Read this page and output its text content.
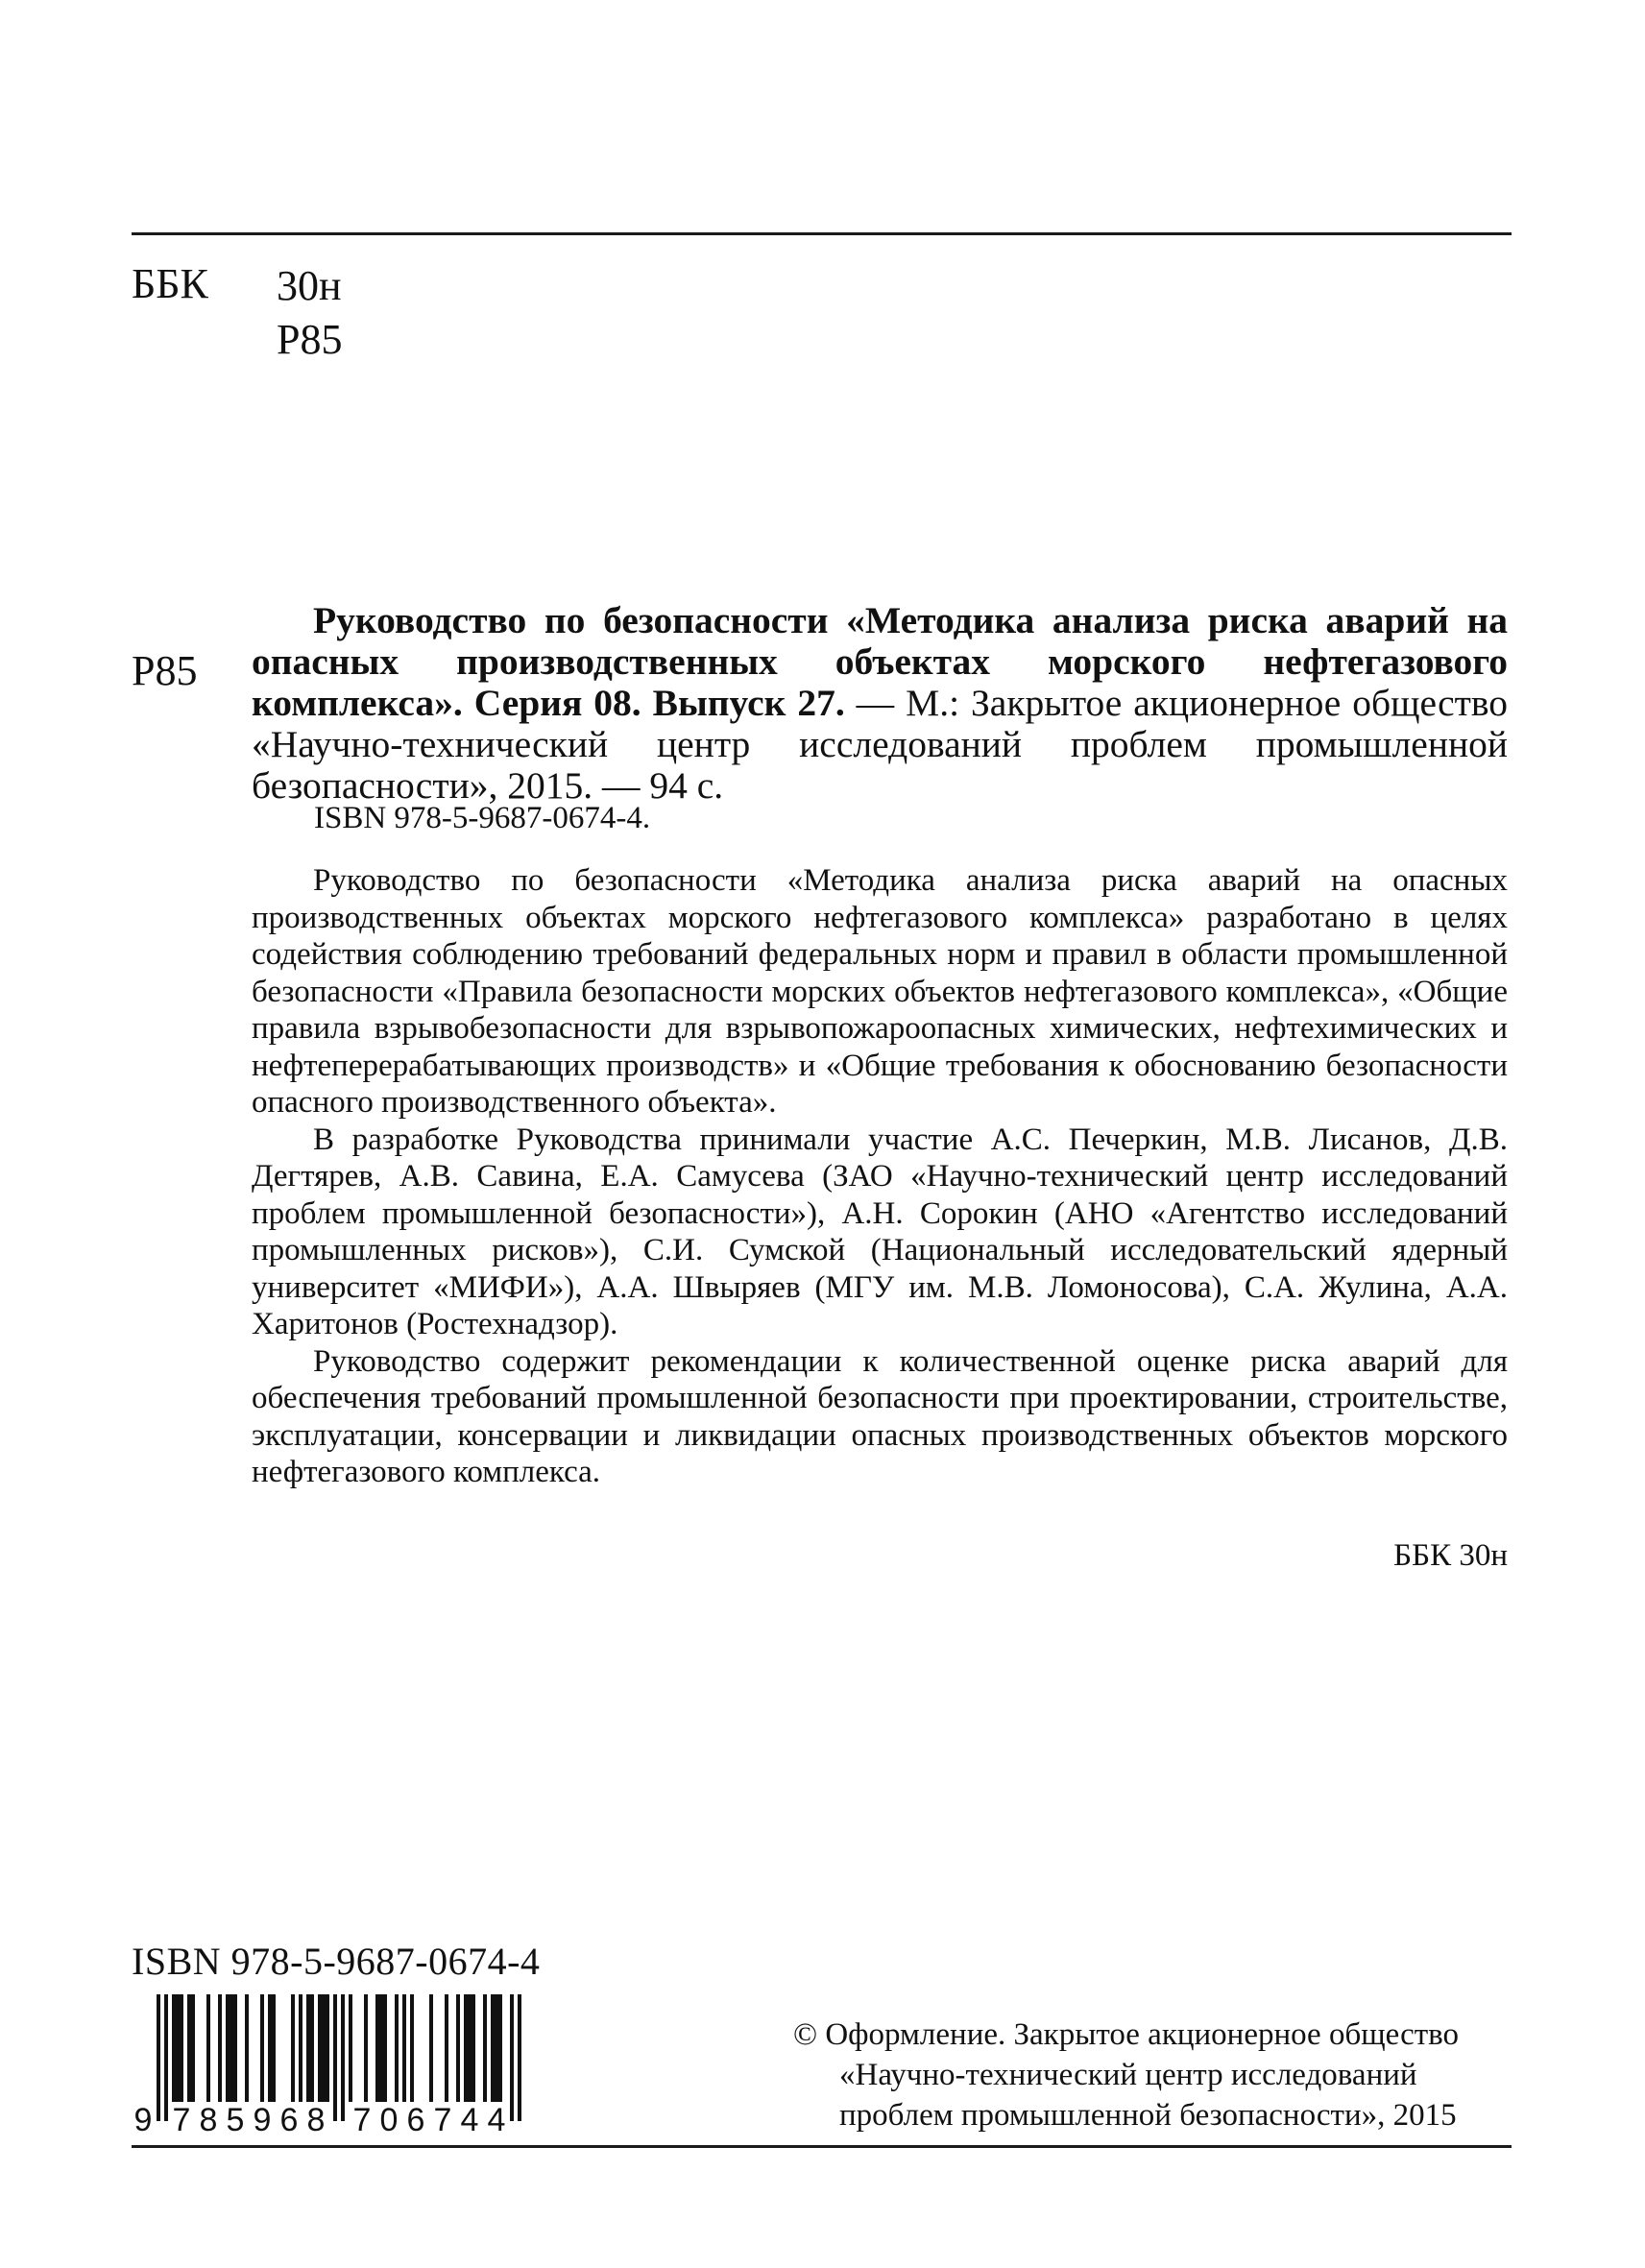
ББК 30н
Р85
Р85
Руководство по безопасности «Методика анализа риска аварий на опасных производственных объектах морского нефтегазового комплекса». Серия 08. Выпуск 27. — М.: Закрытое акционерное общество «Научно-технический центр исследований проблем промышленной безопасности», 2015. — 94 с.
ISBN 978-5-9687-0674-4.

Руководство по безопасности «Методика анализа риска аварий на опасных производственных объектах морского нефтегазового комплекса» разработано в целях содействия соблюдению требований федеральных норм и правил в области промышленной безопасности «Правила безопасности морских объектов нефтегазового комплекса», «Общие правила взрывобезопасности для взрывопожароопасных химических, нефтехимических и нефтеперерабатывающих производств» и «Общие требования к обоснованию безопасности опасного производственного объекта».

В разработке Руководства принимали участие А.С. Печеркин, М.В. Лисанов, Д.В. Дегтярев, А.В. Савина, Е.А. Самусева (ЗАО «Научно-технический центр исследований проблем промышленной безопасности»), А.Н. Сорокин (АНО «Агентство исследований промышленных рисков»), С.И. Сумской (Национальный исследовательский ядерный университет «МИФИ»), А.А. Швыряев (МГУ им. М.В. Ломоносова), С.А. Жулина, А.А. Харитонов (Ростехнадзор).

Руководство содержит рекомендации к количественной оценке риска аварий для обеспечения требований промышленной безопасности при проектировании, строительстве, эксплуатации, консервации и ликвидации опасных производственных объектов морского нефтегазового комплекса.

ББК 30н
ISBN 978-5-9687-0674-4
9 7 8 5 9 6 8 7 0 6 7 4 4
© Оформление. Закрытое акционерное общество
«Научно-технический центр исследований
проблем промышленной безопасности», 2015
